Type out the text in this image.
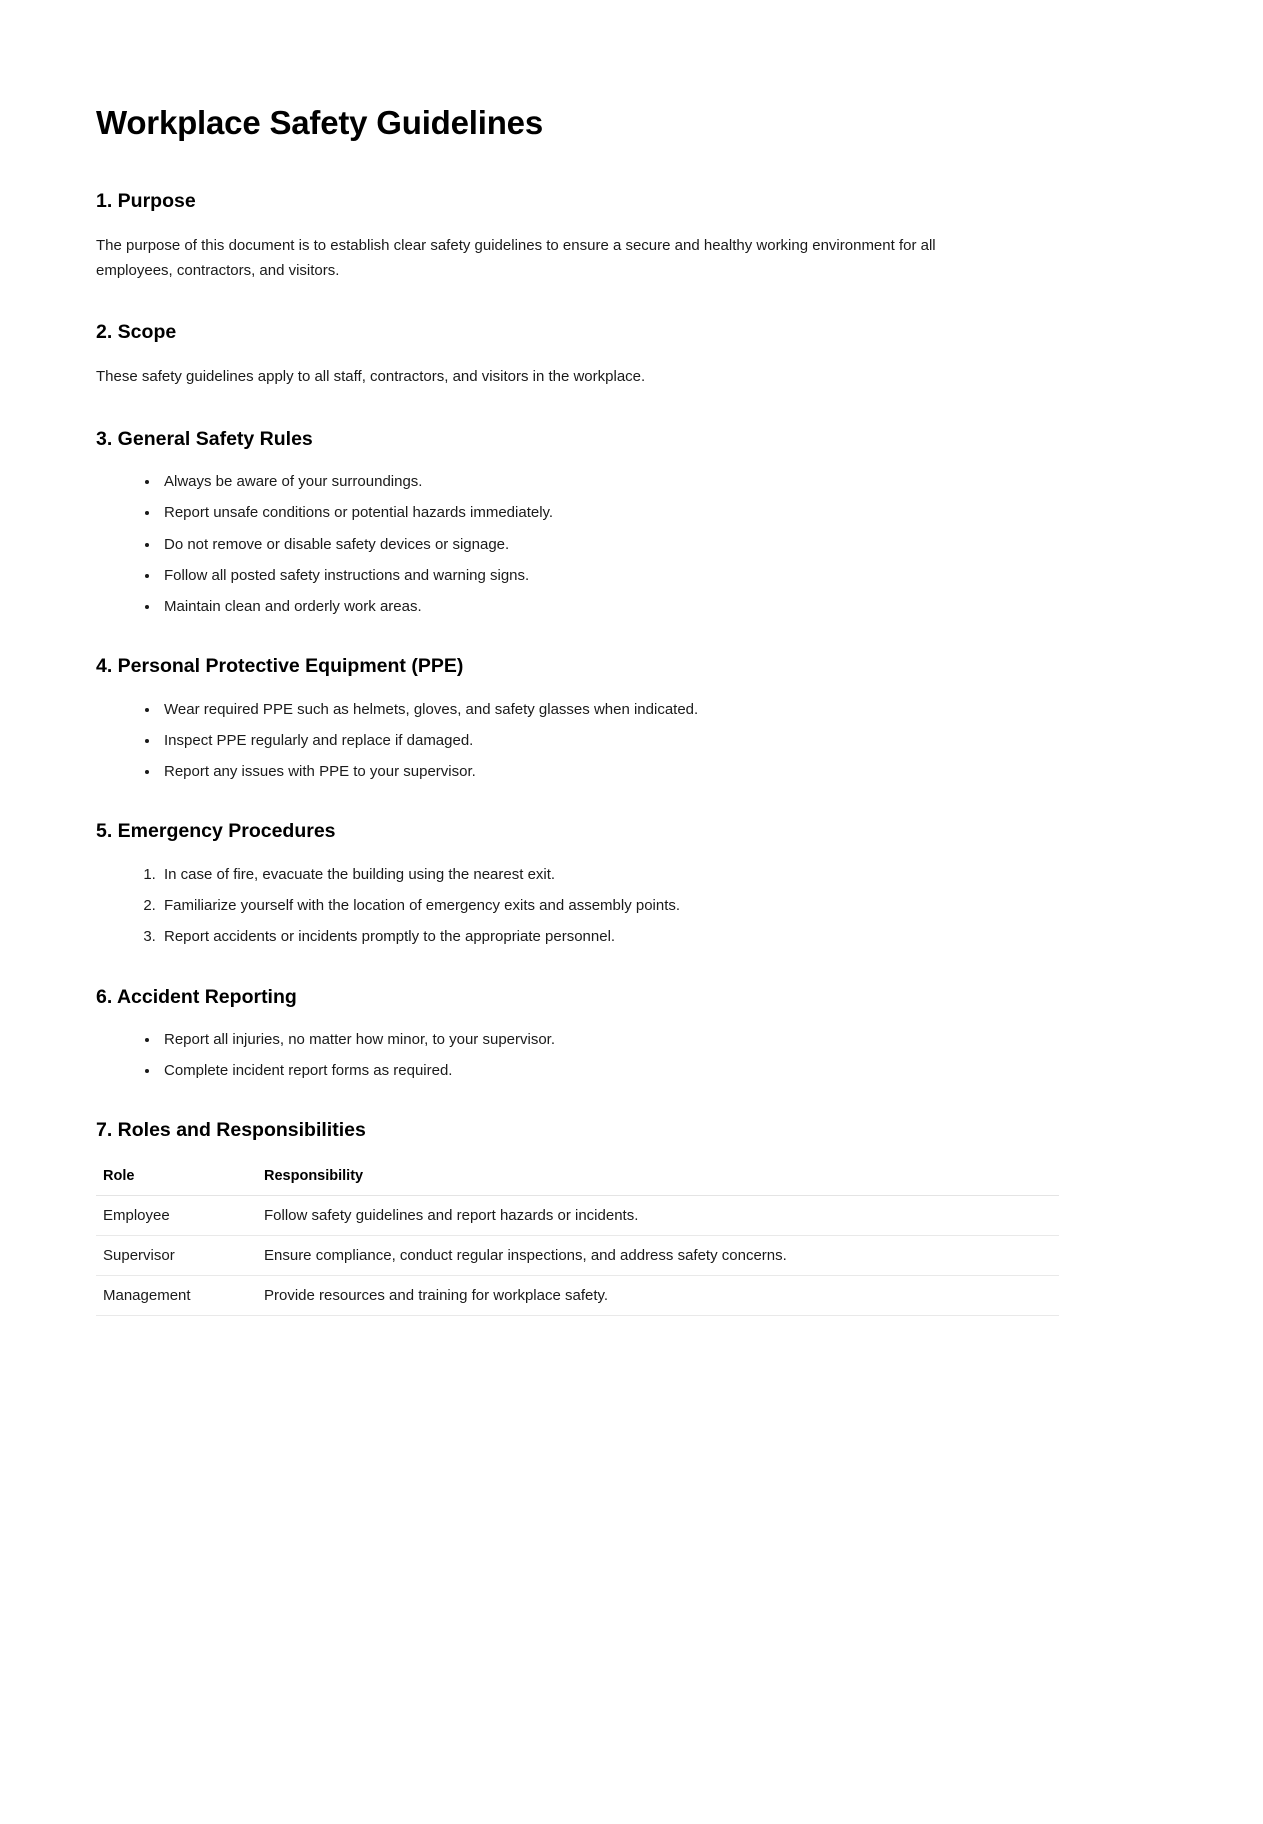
Workplace Safety Guidelines
1. Purpose

The purpose of this document is to establish clear safety guidelines to ensure a secure and healthy working environment for all employees, contractors, and visitors.

2. Scope

These safety guidelines apply to all staff, contractors, and visitors in the workplace.

3. General Safety Rules
• Always be aware of your surroundings.
• Report unsafe conditions or potential hazards immediately.
• Do not remove or disable safety devices or signage.
• Follow all posted safety instructions and warning signs.
• Maintain clean and orderly work areas.
4. Personal Protective Equipment (PPE)
• Wear required PPE such as helmets, gloves, and safety glasses when indicated.
• Inspect PPE regularly and replace if damaged.
• Report any issues with PPE to your supervisor.
5. Emergency Procedures
1. In case of fire, evacuate the building using the nearest exit.
2. Familiarize yourself with the location of emergency exits and assembly points.
3. Report accidents or incidents promptly to the appropriate personnel.
6. Accident Reporting
• Report all injuries, no matter how minor, to your supervisor.
• Complete incident report forms as required.
7. Roles and Responsibilities
Role	Responsibility
Employee	Follow safety guidelines and report hazards or incidents.
Supervisor	Ensure compliance, conduct regular inspections, and address safety concerns.
Management	Provide resources and training for workplace safety.
